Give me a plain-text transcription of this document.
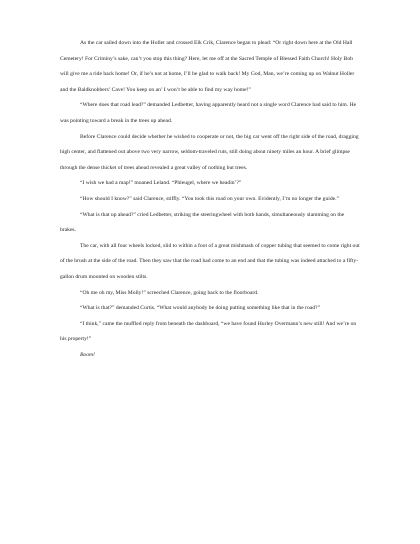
As the car sailed down into the Holler and crossed Elk Crik, Clarence began to plead: “Or right down here at the Old Hall Cemetery! For Criminy’s sake, can’t you stop this thing? Here, let me off at the Sacred Temple of Blessed Faith Church! Holy Bob will give me a ride back home! Or, if he’s not at home, I’ll be glad to walk back! My God, Man, we’re coming up on Walnut Holler and the Baldknobbers’ Cave! You keep on an’ I won’t be able to find my way home!”

“Where does that road lead?” demanded Ledbetter, having apparently heard not a single word Clarence had said to him. He was pointing toward a break in the trees up ahead.

Before Clarence could decide whether he wished to cooperate or not, the big car went off the right side of the road, dragging high center, and flattened out above two very narrow, seldom-traveled ruts, still doing about ninety miles an hour. A brief glimpse through the dense thicket of trees ahead revealed a great valley of nothing but trees.

“I wish we had a map!” moaned Leland. “Phleugel, where we headin’?”

“How should I know?” said Clarence, stiffly. “You took this road on your own. Evidently, I’m no longer the guide.”

“What is that up ahead?” cried Ledbetter, striking the steeringwheel with both hands, simultaneously slamming on the brakes.

The car, with all four wheels locked, slid to within a foot of a great mishmash of copper tubing that seemed to come right out of the brush at the side of the road. Then they saw that the road had come to an end and that the tubing was indeed attached to a fifty-gallon drum mounted on wooden stilts.

“Oh me oh my, Miss Molly!” screeched Clarence, going back to the floorboard.

“What is that?” demanded Curtis. “What would anybody be doing putting something like that in the road?”

“I think,” came the muffled reply from beneath the dashboard, “we have found Hurley Overmann’s new still! And we’re on his property!”

Boom!
